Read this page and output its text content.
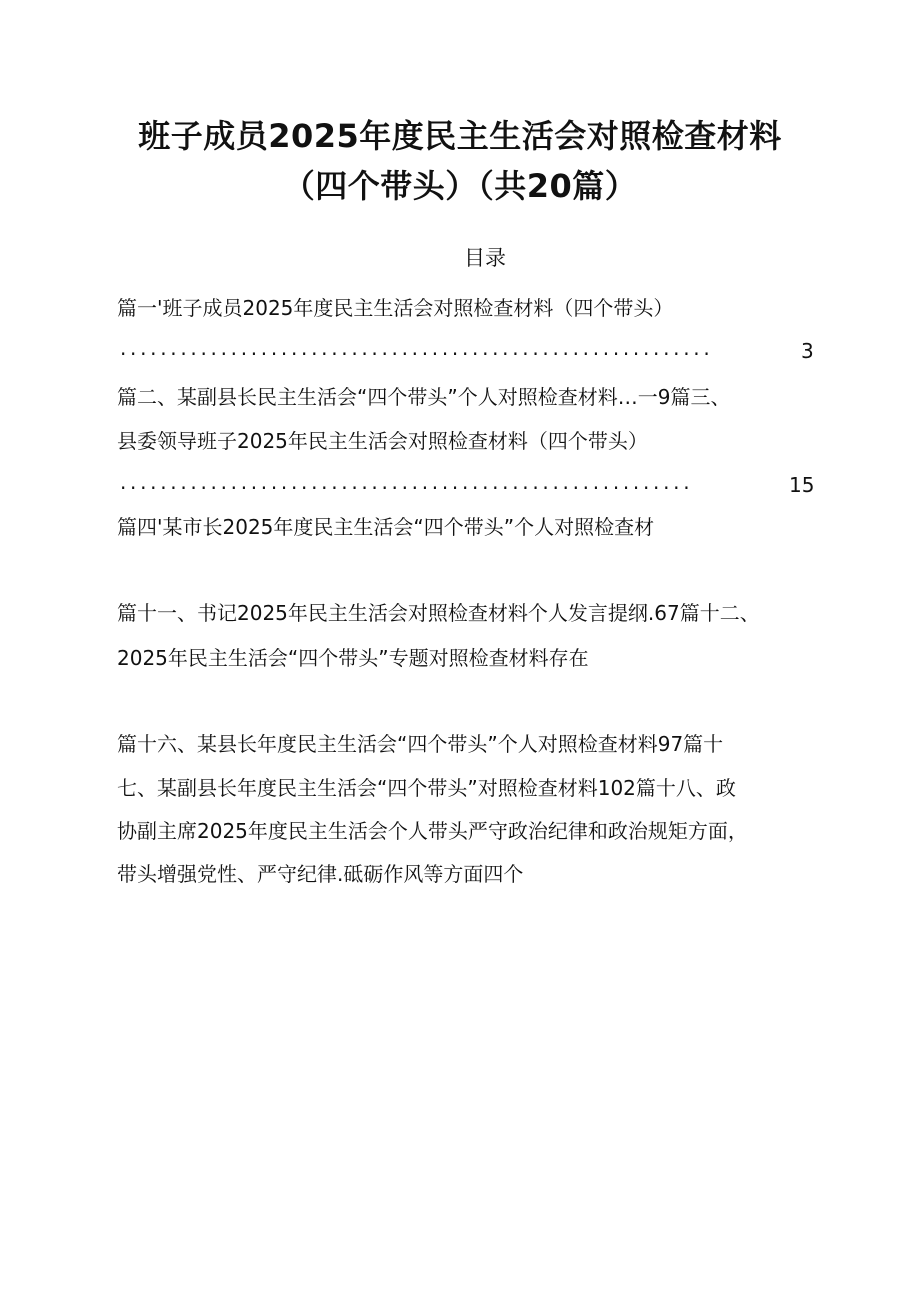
班子成员2025年度民主生活会对照检查材料
（四个带头）（共20篇）
目录
篇一'班子成员2025年度民主生活会对照检查材料（四个带头）
...........................................................	3
篇二、某副县长民主生活会“四个带头”个人对照检查材料…一9篇三、
县委领导班子2025年民主生活会对照检查材料（四个带头）
.........................................................	15
篇四'某市长2025年度民主生活会“四个带头”个人对照检查材
篇十一、书记2025年民主生活会对照检查材料个人发言提纲.67篇十二、
2025年民主生活会“四个带头”专题对照检查材料存在
篇十六、某县长年度民主生活会“四个带头”个人对照检查材料97篇十
七、某副县长年度民主生活会“四个带头”对照检查材料102篇十八、政
协副主席2025年度民主生活会个人带头严守政治纪律和政治规矩方面，
带头增强党性、严守纪律.砥砺作风等方面四个
